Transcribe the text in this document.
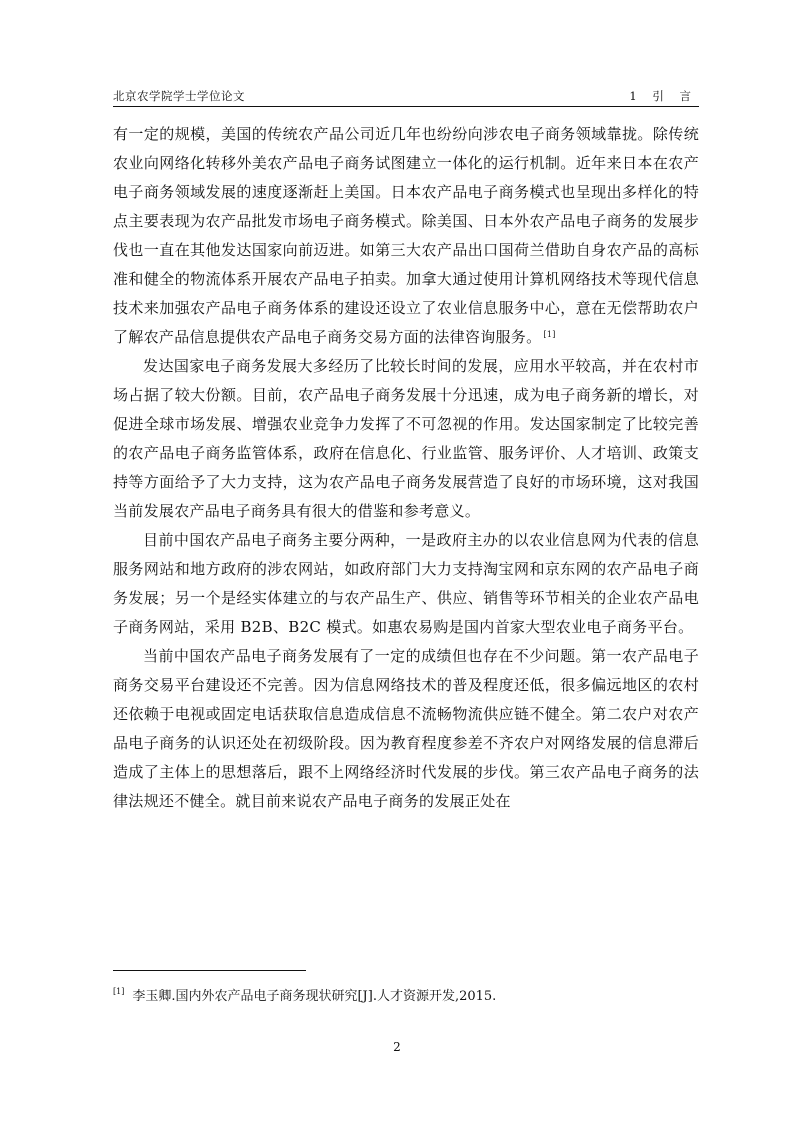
北京农学院学士学位论文	1 引 言

有一定的规模，美国的传统农产品公司近几年也纷纷向涉农电子商务领域靠拢。除传统农业向网络化转移外美农产品电子商务试图建立一体化的运行机制。近年来日本在农产电子商务领域发展的速度逐渐赶上美国。日本农产品电子商务模式也呈现出多样化的特点主要表现为农产品批发市场电子商务模式。除美国、日本外农产品电子商务的发展步伐也一直在其他发达国家向前迈进。如第三大农产品出口国荷兰借助自身农产品的高标准和健全的物流体系开展农产品电子拍卖。加拿大通过使用计算机网络技术等现代信息技术来加强农产品电子商务体系的建设还设立了农业信息服务中心，意在无偿帮助农户了解农产品信息提供农产品电子商务交易方面的法律咨询服务。 [1]

发达国家电子商务发展大多经历了比较长时间的发展，应用水平较高，并在农村市场占据了较大份额。目前，农产品电子商务发展十分迅速，成为电子商务新的增长，对促进全球市场发展、增强农业竞争力发挥了不可忽视的作用。发达国家制定了比较完善的农产品电子商务监管体系，政府在信息化、行业监管、服务评价、人才培训、政策支持等方面给予了大力支持，这为农产品电子商务发展营造了良好的市场环境，这对我国当前发展农产品电子商务具有很大的借鉴和参考意义。

目前中国农产品电子商务主要分两种，一是政府主办的以农业信息网为代表的信息服务网站和地方政府的涉农网站，如政府部门大力支持淘宝网和京东网的农产品电子商务发展；另一个是经实体建立的与农产品生产、供应、销售等环节相关的企业农产品电子商务网站，采用 B2B、B2C 模式。如惠农易购是国内首家大型农业电子商务平台。

当前中国农产品电子商务发展有了一定的成绩但也存在不少问题。第一农产品电子商务交易平台建设还不完善。因为信息网络技术的普及程度还低，很多偏远地区的农村还依赖于电视或固定电话获取信息造成信息不流畅物流供应链不健全。第二农户对农产品电子商务的认识还处在初级阶段。因为教育程度参差不齐农户对网络发展的信息滞后造成了主体上的思想落后，跟不上网络经济时代发展的步伐。第三农产品电子商务的法律法规还不健全。就目前来说农产品电子商务的发展正处在

[1] 李玉卿.国内外农产品电子商务现状研究[J].人才资源开发,2015.
2
